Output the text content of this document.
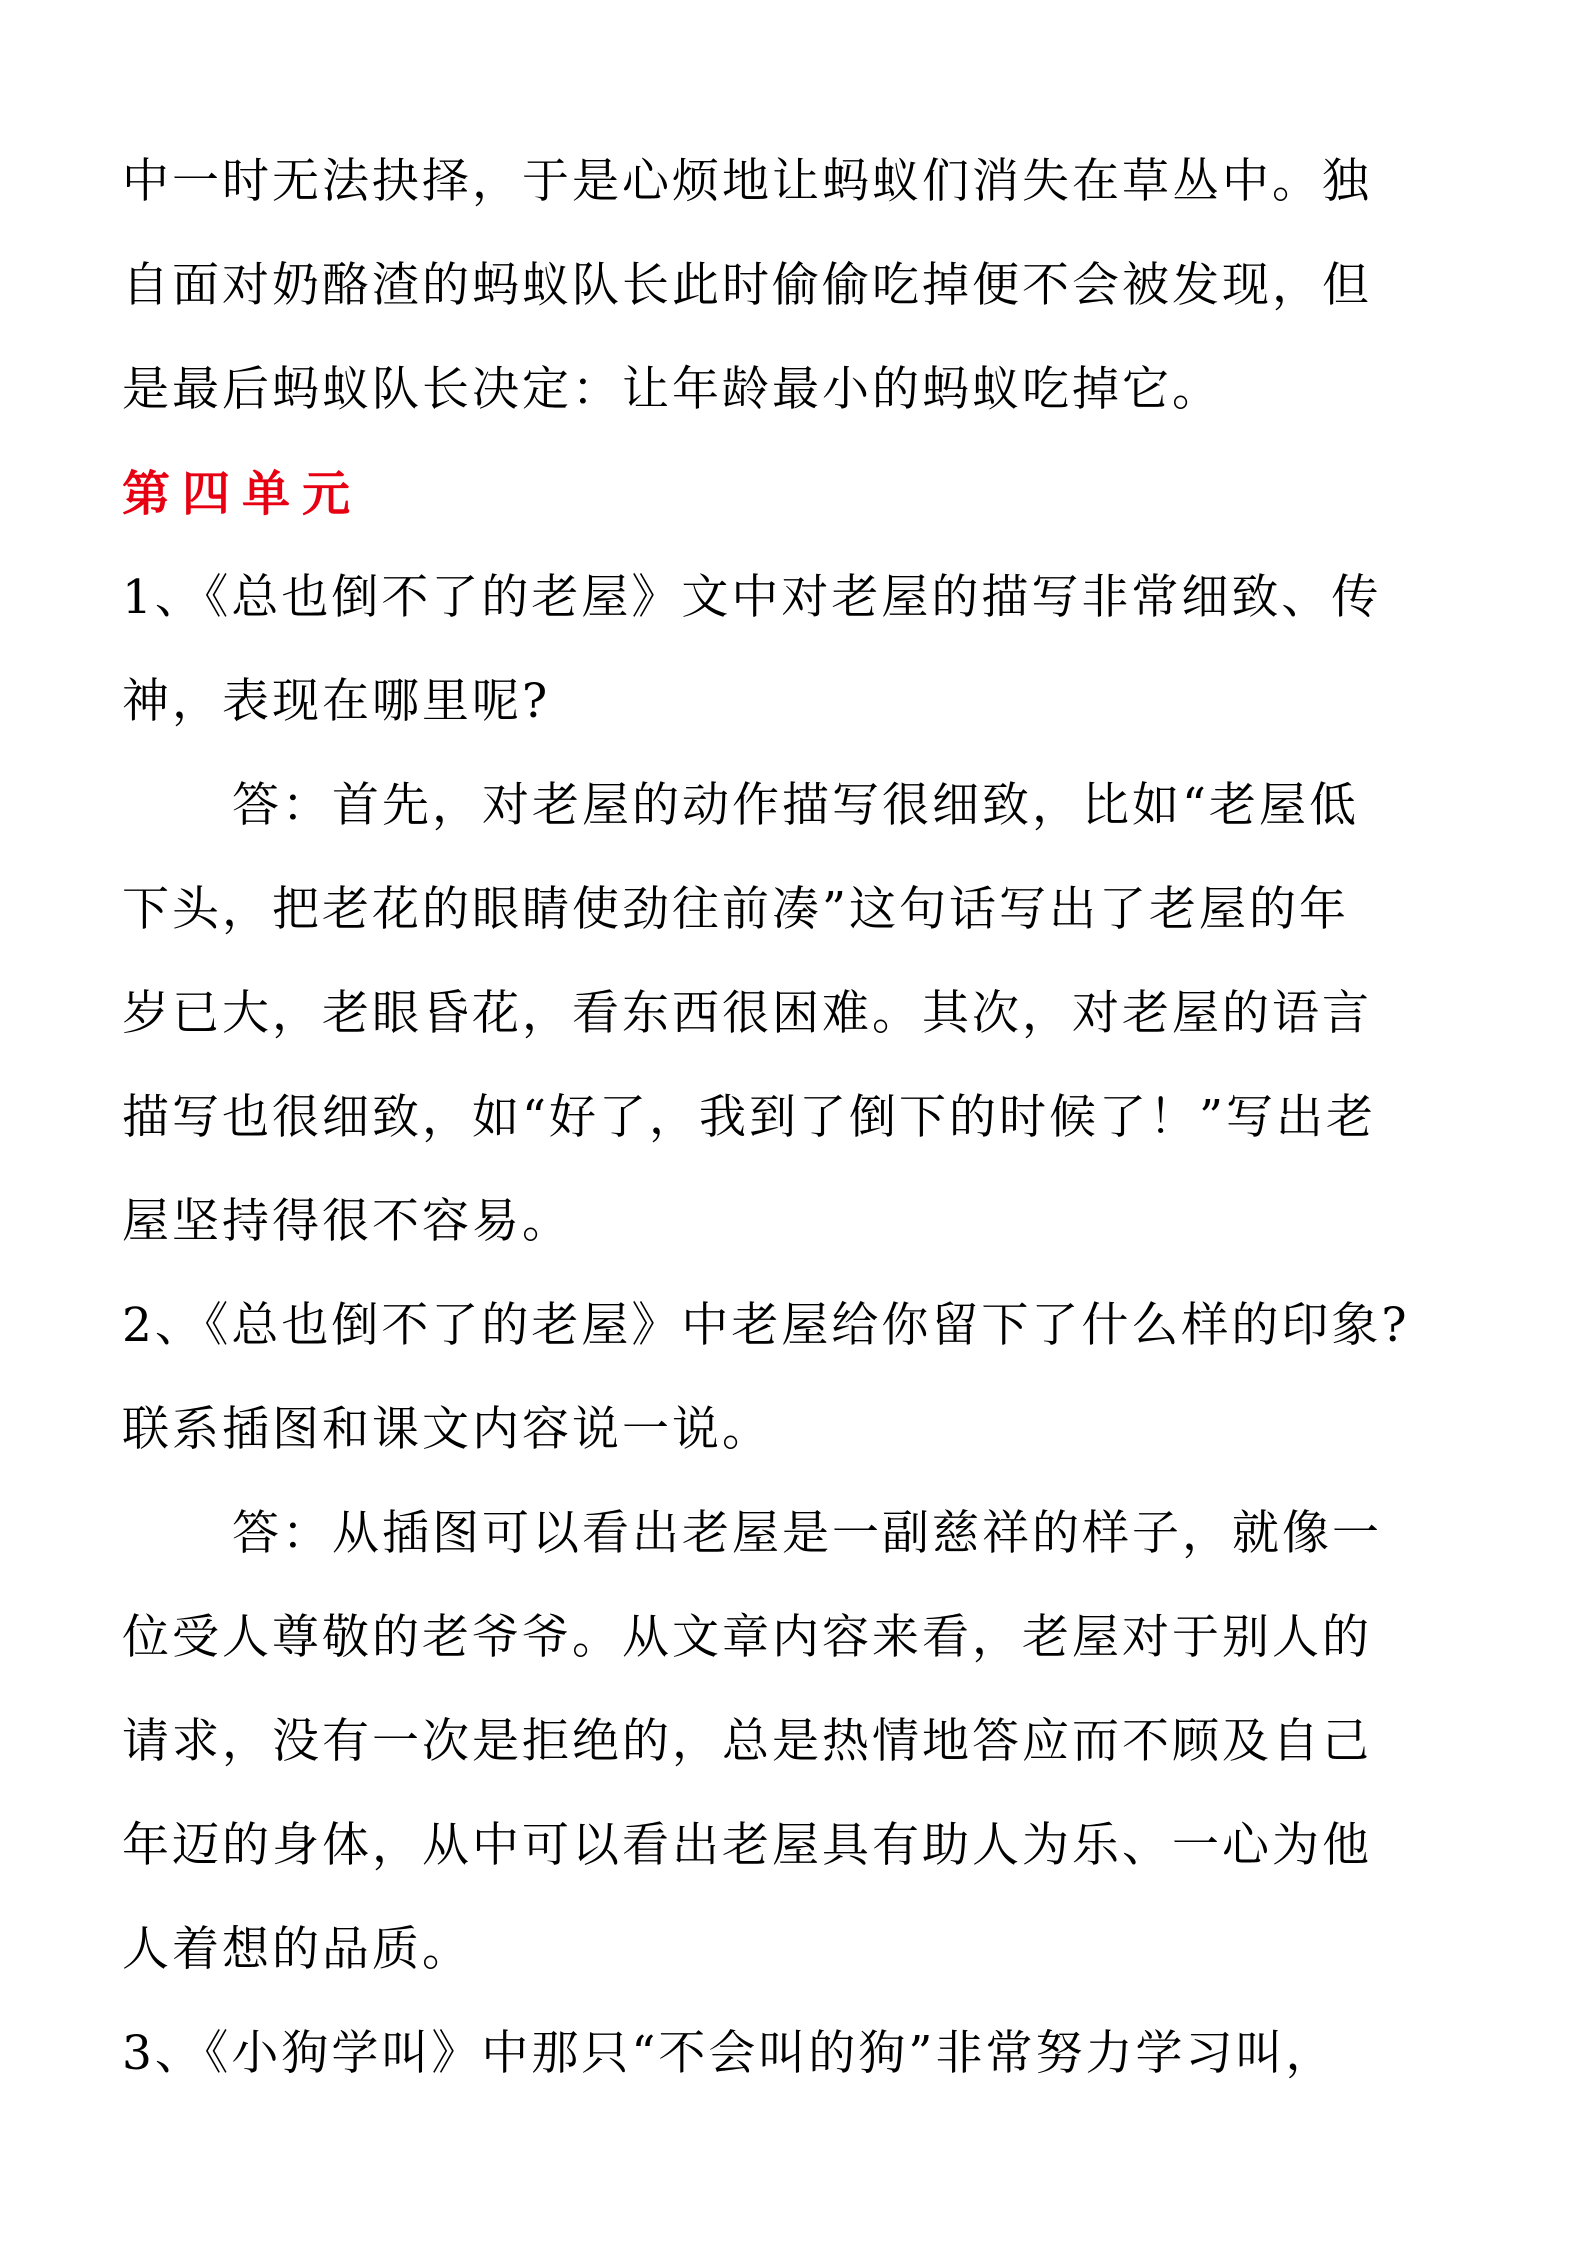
中一时无法抉择，于是心烦地让蚂蚁们消失在草丛中。独
自面对奶酪渣的蚂蚁队长此时偷偷吃掉便不会被发现，但
是最后蚂蚁队长决定：让年龄最小的蚂蚁吃掉它。
第四单元
1、《总也倒不了的老屋》文中对老屋的描写非常细致、传
神，表现在哪里呢?
答：首先，对老屋的动作描写很细致，比如“老屋低
下头，把老花的眼睛使劲往前凑”这句话写出了老屋的年
岁已大，老眼昏花，看东西很困难。其次，对老屋的语言
描写也很细致，如“好了，我到了倒下的时候了！”写出老
屋坚持得很不容易。
2、《总也倒不了的老屋》中老屋给你留下了什么样的印象?
联系插图和课文内容说一说。
答：从插图可以看出老屋是一副慈祥的样子，就像一
位受人尊敬的老爷爷。从文章内容来看，老屋对于别人的
请求，没有一次是拒绝的，总是热情地答应而不顾及自己
年迈的身体，从中可以看出老屋具有助人为乐、一心为他
人着想的品质。
3、《小狗学叫》中那只“不会叫的狗”非常努力学习叫，
